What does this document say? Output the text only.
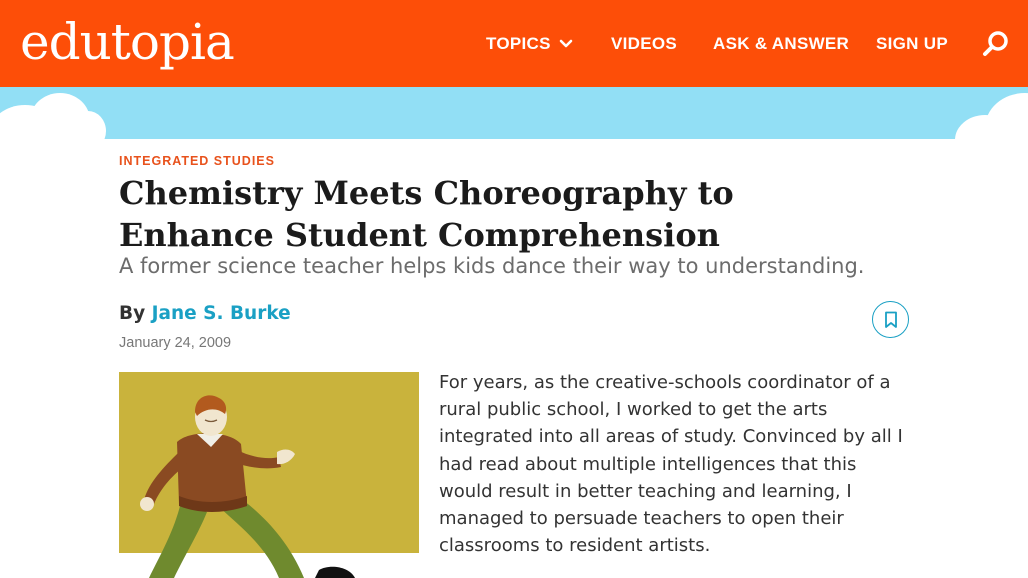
edutopia	TOPICS	VIDEOS ASK & ANSWER SIGN UP
INTEGRATED STUDIES
Chemistry Meets Choreography to Enhance Student Comprehension
A former science teacher helps kids dance their way to understanding.
By Jane S. Burke
January 24, 2009

For years, as the creative-schools coordinator of a rural public school, I worked to get the arts integrated into all areas of study. Convinced by all I had read about multiple intelligences that this would result in better teaching and learning, I managed to persuade teachers to open their classrooms to resident artists.
